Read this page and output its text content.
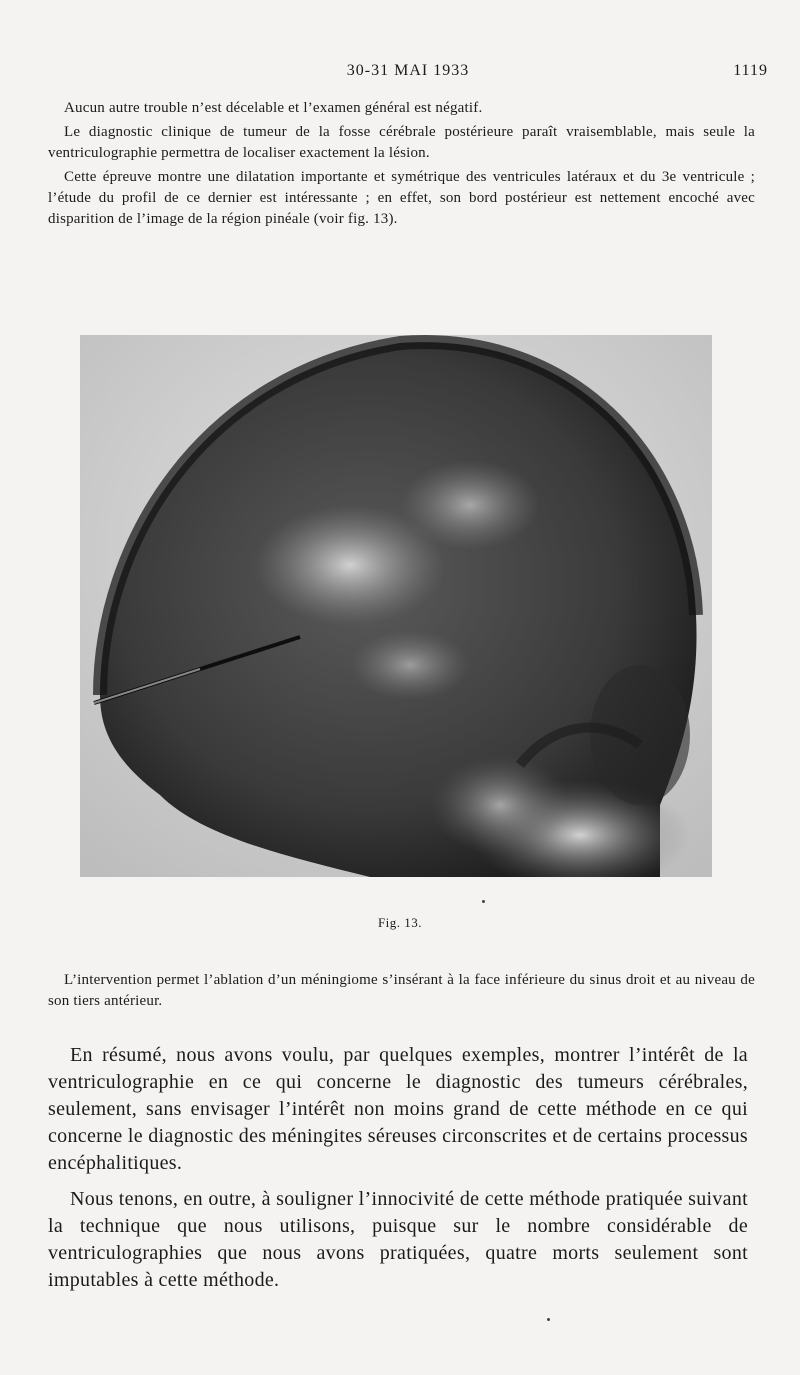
30-31 MAI 1933	1119

Aucun autre trouble n’est décelable et l’examen général est négatif.

Le diagnostic clinique de tumeur de la fosse cérébrale postérieure paraît vraisemblable, mais seule la ventriculographie permettra de localiser exactement la lésion.

Cette épreuve montre une dilatation importante et symétrique des ventricules latéraux et du 3e ventricule ; l’étude du profil de ce dernier est intéressante ; en effet, son bord postérieur est nettement encoché avec disparition de l’image de la région pinéale (voir fig. 13).

Fig. 13.

L’intervention permet l’ablation d’un méningiome s’insérant à la face inférieure du sinus droit et au niveau de son tiers antérieur.

En résumé, nous avons voulu, par quelques exemples, montrer l’intérêt de la ventriculographie en ce qui concerne le diagnostic des tumeurs cérébrales, seulement, sans envisager l’intérêt non moins grand de cette méthode en ce qui concerne le diagnostic des méningites séreuses circonscrites et de certains processus encéphalitiques.

Nous tenons, en outre, à souligner l’innocivité de cette méthode pratiquée suivant la technique que nous utilisons, puisque sur le nombre considérable de ventriculographies que nous avons pratiquées, quatre morts seulement sont imputables à cette méthode.
